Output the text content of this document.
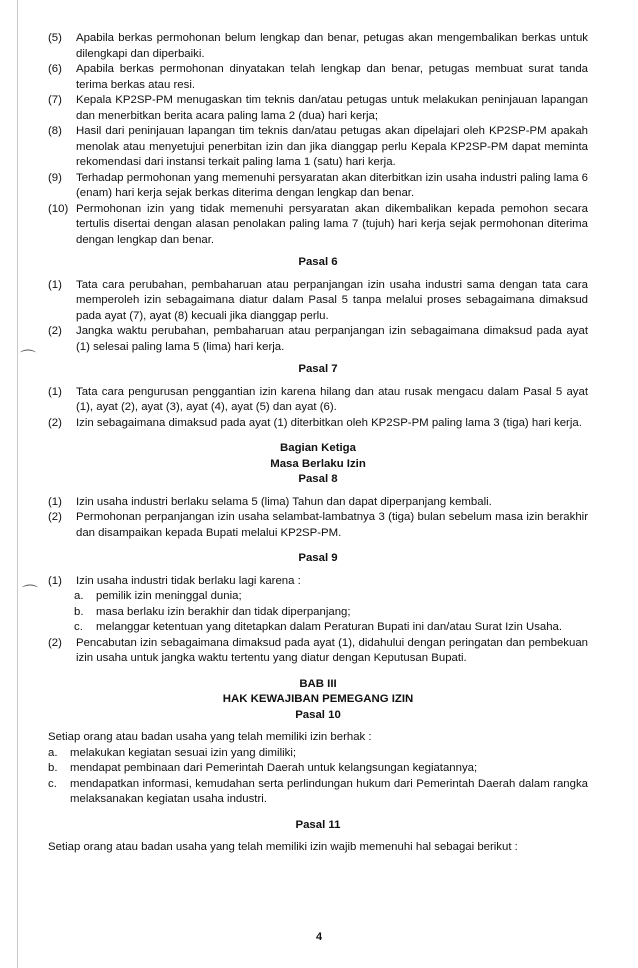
⌒
⌒

(5) Apabila berkas permohonan belum lengkap dan benar, petugas akan mengembalikan berkas untuk dilengkapi dan diperbaiki.

(6) Apabila berkas permohonan dinyatakan telah lengkap dan benar, petugas membuat surat tanda terima berkas atau resi.

(7) Kepala KP2SP-PM menugaskan tim teknis dan/atau petugas untuk melakukan peninjauan lapangan dan menerbitkan berita acara paling lama 2 (dua) hari kerja;

(8) Hasil dari peninjauan lapangan tim teknis dan/atau petugas akan dipelajari oleh KP2SP-PM apakah menolak atau menyetujui penerbitan izin dan jika dianggap perlu Kepala KP2SP-PM dapat meminta rekomendasi dari instansi terkait paling lama 1 (satu) hari kerja.

(9) Terhadap permohonan yang memenuhi persyaratan akan diterbitkan izin usaha industri paling lama 6 (enam) hari kerja sejak berkas diterima dengan lengkap dan benar.

(10) Permohonan izin yang tidak memenuhi persyaratan akan dikembalikan kepada pemohon secara tertulis disertai dengan alasan penolakan paling lama 7 (tujuh) hari kerja sejak permohonan diterima dengan lengkap dan benar.

Pasal 6

(1) Tata cara perubahan, pembaharuan atau perpanjangan izin usaha industri sama dengan tata cara memperoleh izin sebagaimana diatur dalam Pasal 5 tanpa melalui proses sebagaimana dimaksud pada ayat (7), ayat (8) kecuali jika dianggap perlu.

(2) Jangka waktu perubahan, pembaharuan atau perpanjangan izin sebagaimana dimaksud pada ayat (1) selesai paling lama 5 (lima) hari kerja.

Pasal 7

(1) Tata cara pengurusan penggantian izin karena hilang dan atau rusak mengacu dalam Pasal 5 ayat (1), ayat (2), ayat (3), ayat (4), ayat (5) dan ayat (6).

(2) Izin sebagaimana dimaksud pada ayat (1) diterbitkan oleh KP2SP-PM paling lama 3 (tiga) hari kerja.

Bagian Ketiga

Masa Berlaku Izin

Pasal 8

(1) Izin usaha industri berlaku selama 5 (lima) Tahun dan dapat diperpanjang kembali.

(2) Permohonan perpanjangan izin usaha selambat-lambatnya 3 (tiga) bulan sebelum masa izin berakhir dan disampaikan kepada Bupati melalui KP2SP-PM.

Pasal 9

(1) Izin usaha industri tidak berlaku lagi karena :

a. pemilik izin meninggal dunia;

b. masa berlaku izin berakhir dan tidak diperpanjang;

c. melanggar ketentuan yang ditetapkan dalam Peraturan Bupati ini dan/atau Surat Izin Usaha.

(2) Pencabutan izin sebagaimana dimaksud pada ayat (1), didahului dengan peringatan dan pembekuan izin usaha untuk jangka waktu tertentu yang diatur dengan Keputusan Bupati.

BAB III

HAK KEWAJIBAN PEMEGANG IZIN

Pasal 10

Setiap orang atau badan usaha yang telah memiliki izin berhak :

a. melakukan kegiatan sesuai izin yang dimiliki;

b. mendapat pembinaan dari Pemerintah Daerah untuk kelangsungan kegiatannya;

c. mendapatkan informasi, kemudahan serta perlindungan hukum dari Pemerintah Daerah dalam rangka melaksanakan kegiatan usaha industri.

Pasal 11

Setiap orang atau badan usaha yang telah memiliki izin wajib memenuhi hal sebagai berikut :

4
